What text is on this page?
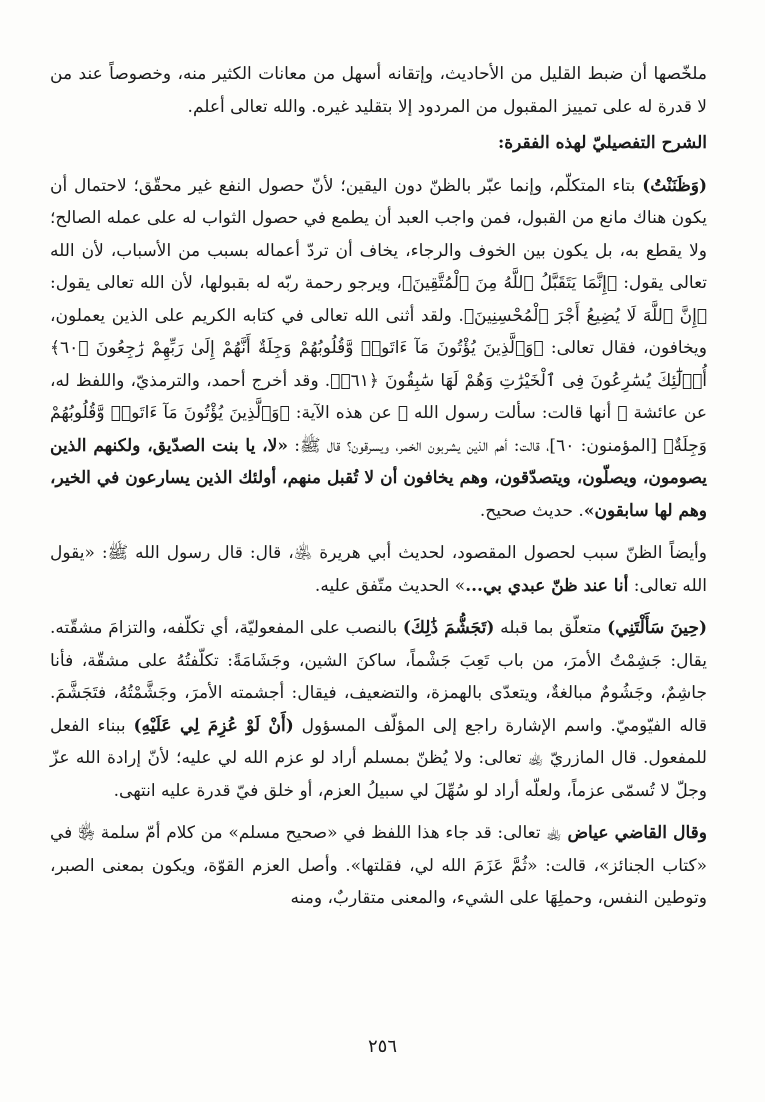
ملخّصها أن ضبط القليل من الأحاديث، وإتقانه أسهل من معانات الكثير منه، وخصوصاً عند من لا قدرة له على تمييز المقبول من المردود إلا بتقليد غيره. والله تعالى أعلم.

الشرح التفصيليّ لهذه الفقرة:

(وَظَنَنْتُ) بتاء المتكلّم، وإنما عبّر بالظنّ دون اليقين؛ لأنّ حصول النفع غير محقّق؛ لاحتمال أن يكون هناك مانع من القبول، فمن واجب العبد أن يطمع في حصول الثواب له على عمله الصالح؛ ولا يقطع به، بل يكون بين الخوف والرجاء، يخاف أن تردّ أعماله بسبب من الأسباب، لأن الله تعالى يقول: ﴿إِنَّمَا يَتَقَبَّلُ ٱللَّهُ مِنَ ٱلْمُتَّقِينَ﴾، ويرجو رحمة ربّه له بقبولها، لأن الله تعالى يقول: ﴿إِنَّ ٱللَّهَ لَا يُضِيعُ أَجْرَ ٱلْمُحْسِنِينَ﴾. ولقد أثنى الله تعالى في كتابه الكريم على الذين يعملون، ويخافون، فقال تعالى: ﴿وَٱلَّذِينَ يُؤْتُونَ مَآ ءَاتَوا۟ وَّقُلُوبُهُمْ وَجِلَةٌ أَنَّهُمْ إِلَىٰ رَبِّهِمْ رَٰجِعُونَ ﴿٦٠﴾ أُو۟لَٰٓئِكَ يُسَٰرِعُونَ فِى ٱلْخَيْرَٰتِ وَهُمْ لَهَا سَٰبِقُونَ ﴿٦١﴾﴾. وقد أخرج أحمد، والترمذيّ، واللفظ له، عن عائشة ﵂ أنها قالت: سألت رسول الله ﷺ عن هذه الآية: ﴿وَٱلَّذِينَ يُؤْتُونَ مَآ ءَاتَوا۟ وَّقُلُوبُهُمْ وَجِلَةٌ﴾ [المؤمنون: ٦٠]، قالت: أهم الذين يشربون الخمر، ويسرقون؟ قال ﷺ: «لا، يا بنت الصدّيق، ولكنهم الذين يصومون، ويصلّون، ويتصدّقون، وهم يخافون أن لا تُقبل منهم، أولئك الذين يسارعون في الخير، وهم لها سابقون». حديث صحيح.

وأيضاً الظنّ سبب لحصول المقصود، لحديث أبي هريرة ﵁، قال: قال رسول الله ﷺ: «يقول الله تعالى: أنا عند ظنّ عبدي بي...» الحديث متّفق عليه.

(حِينَ سَأَلْتَنِي) متعلّق بما قبله (تَجَشُّمَ ذَٰلِكَ) بالنصب على المفعوليّة، أي تكلّفه، والتزامَ مشقّته. يقال: جَشِمْتُ الأمرَ، من باب تَعِبَ جَشْماً، ساكنَ الشين، وجَشَامَةً: تكلّفتُهُ على مشقّة، فأنا جاشِمٌ، وجَشُومٌ مبالغةٌ، ويتعدّى بالهمزة، والتضعيف، فيقال: أجشمته الأمرَ، وجَشَّمْتُهُ، فتَجَشَّمَ. قاله الفيّوميّ. واسم الإشارة راجع إلى المؤلّف المسؤول (أَنْ لَوْ عُزِمَ لِي عَلَيْهِ) ببناء الفعل للمفعول. قال المازريّ ﵀ تعالى: ولا يُظنّ بمسلم أراد لو عزم الله لي عليه؛ لأنّ إرادة الله عزّ وجلّ لا تُسمّى عزماً، ولعلّه أراد لو سُهِّلَ لي سبيلُ العزم، أو خلق فيّ قدرة عليه انتهى.

وقال القاضي عياض ﵀ تعالى: قد جاء هذا اللفظ في «صحيح مسلم» من كلام أمّ سلمة ﵂ في «كتاب الجنائز»، قالت: «ثُمَّ عَزَمَ الله لي، فقلتها». وأصل العزم القوّة، ويكون بمعنى الصبر، وتوطين النفس، وحملِهَا على الشيء، والمعنى متقاربٌ، ومنه

٢٥٦
